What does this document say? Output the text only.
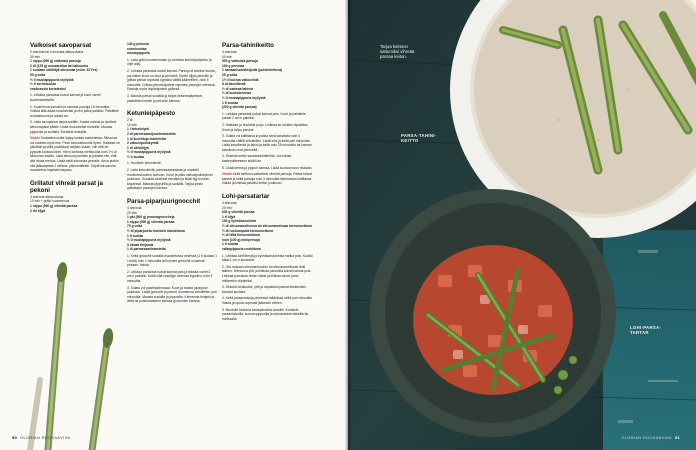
Valkoiset savoparsat
2 annosta tai 4 annosta alkuruokana
30 min
1 nippu (500 g) valkoisia parsoja
2 dl (125 g) mozzarellaa tai halloumia
1 suolaan säilöttyä sitruunaa (esim. ATYes)
50 g voita
½ tl mustapippuria myllystä
½ tl sormisuolaa
vesikrassia koristeeksi
1. Leikkaa parsoista kuivat kannat ja kuori varret kuorimaveitsellä.
2. Kuumenna savustin ja savusta parsoja 15 minuuttia. Voiluta sillä aikaa mozzarellat ja revi palloi paloiksi. Paloittele suolasitruuna ja sulata voi.
3. Laita savuparsat tarjoiluvadille. Kaada voisula ja ripottele sitruunapalat päälle. Lisää mozzarellat reunoille. Mausta pippurilla ja suolalla. Koristele krassilla.
Vinkki Suolasitruunoita löytyy isoista marketeista. Sitruunat voi suolata myös itse. Pese luomusitruunia hyvin. Halkaise ne pituittain ja viillä puolikkaat neljään osaan, niin että ne pysyvät koossa kiinni. Hiero karkeaa merisuolaa noin 1½ dl sitruunan sisään. Laita sitruuna purkkiin ja paineta niin, että sitä irtoaa mehua. Lisää vielä sitruunaa pinnalle. Anna purkin olla jääkaapissa 2 viikkoa, pitemmällekin. Käytä sitruunoita mausteena kaprisien tapaan.
Grillatut vihreät parsat ja pekoni
4 annosta alkuruokana
10 min + grillin kuumennus
1 nippu (500 g) vihreää parsaa
2 rkl öljyä
140 g pekonia
sormisuolaa
mustapippuria
1. Laita grilli kuumenemaan ja voimista ketunleipäpesto (s. ohje alla).
2. Leikkaa parsoista kuivat kannat. Parsoja ei tarvitse kuoria, jos niiden kuori on ohut ja pehmeä. Sivele öljyä parsoille ja grillaa parsat nopeasti kypsiksi välillä käännellen, noin 5 minuuttia. Grillaa pekoniviipaleet rapeaksi parsojen vieressä. Paahda myös leipäviipaleet grillissä.
3. Mausta parsat suolalla ja tarjoa ketunleipäpeston, paahdetun leivän ja pekonin kanssa.
Ketunleipäpesto
2 dl
10 min
1 l ketunleipiä
2 dl parmesaanijuustoraastetta
1 dl kuorittuja manteleita
2 valkosipulinkynttä
1 dl oliiviöljyä
½ tl mustapippuria myllystä
½ tl suolaa
1. Huuhtele ketunleivät.
2. Laita ketunleivät, parmesaaniraaste ja mantelit monitoimikoneen kulhoon. Kuori ja pilko valkosipulinkynnet joukkoon. Sosauta ainekset tahnaksi ja lisää öljy koneen käydessä. Mausta pippurilla ja suolalla. Tarjoa pesto grillattujen parsojen kanssa.
Parsa-piparjuurignocchit
4 annosta
20 min
1 pkt (500 g) perunagnoccheja
1 nippu (500 g) vihreää parsaa
75 g voita
½ dl piparjuurta hienoksi raastettuna
1 tl suolaa
½ tl mustapippuria myllystä
3 oksaa timjamia
1 dl parmesaaniraastetta
1. Keitä gnocchit suolalla maustetussa vedessä (1 tl suolaa/ 1 l vettä) noin 2 minuuttia tai kunnes gnocchit nousevat pintaan. Valuta.
2. Leikkaa parsoista kuivat kannat pois ja leikkaa varret 2 cm:n paloiksi. Keitä niitä vesiöljyn vedessä kypsiksi, noin 3 minuuttia.
3. Sulata voi paistinpannussa. Kuori ja raasta piparjuuri joukkoon. Lisää gnocchit ja parsat, kuumenna sekoitellen pari minuuttia. Mausta suolalla ja pippurilla. Kiemenna timjami ja lisää ne juustoraasteen kanssa gnocchien kanssa.
Parsa-tahinikeitto
4 annosta
40 min
500 g valkoisia parsoja
100 g perunaa
1 banaanisalottisipulia (puhdistettuna)
25 g voita
1½ tl kuivaa valkoviiniä
8 dl kasvilientä
½ dl vaaleaa tahinia
½ dl kuohukermaa
½ tl mustapippuria myllystä
1 tl suolaa
(200 g vihreää parsaa)
1. Leikkaa parsoista kuivat kannat pois. Kuori ja paloittele parsat 2 cm:n paloiksi.
2. Halkaise ja huuhtele purjo. Leikkaa se ohuiksi viipaleiksi. Kuori ja lohko peruna.
3. Sulata voi kattilassa ja paista siinä kasviksia noin 4 minuuttia välillä sekoitellen. Lisää viini ja keitä pari minuuttia. Lisää kasvilientä ja tahini ja keitä noin 25 minuuttia tai kunnes kasvikset ovat pehmeitä.
4. Soseuta keitto sauvasekoittimella. Jos haluat kastepuitteeseen siivilöi se.
5. Lisää kerma ja pippuri kanssa. Lisää suolaa maun mukaan.
Vinkki Keitä keittoon sattumiksi vihreitä parsoja. Paista kuivat kannat ja keitä parsoja noin 3 minuuttia kiehuvassa kattilassa. Valuta ja leikkaa paloiksi keiton joukkoon.
Lohi-parsatartar
4 annosta
20 min
600 g vihreää parsaa
1 tl öljyä
150 g kylmäsavulohta
½ dl sitruunavoihenna tai sitruunamehuaa hienonnettuna
½ dl ruohosipulia hienonnettuna
½ dl tilliä hienonnettuna
noin (100 g) minipersoja
1 tl suolaa
valkopippuria rouhittuna
1. Leikkaa lohifileestä ja kylmäsavulohesta nahka pois. Kuutioi kalat 1 cm:n kuutioiksi.
2. Ota mukaan sitruunankuoren tai sitruunamelissan lehti talteen. Hienonna yrtit ja leikkaa parsoista kuivat kannat pois. Leikkaa parsoista niiden latvat ja leikkaa varret parin millimetrin viipaleiksi.
3. Sekoita lohikuutiot, yrtit ja viipaloidut parsat keskenään. Mausta suolalla.
4. Keitä parsanlatvoja pienessä määrässä vettä pari minuuttia. Valuta ja upota nopeasti jäävesiin veteen.
5. Muotoile lohiseos tartarpihveiksi autoille. Koristele parsanlatvoilla, kuuma-pippurilla ja sitruunankerrokkeilla tai melissalla.
50 GLORIAN RUOKA&VIINI
Tarjoa keittoon sattumiksi vihreää parsaa keiton.
PARSA-TAHINI-KEITTO
LOHI-PARSA-TARTAR
GLORIAN RUOKA&VIINI 51
